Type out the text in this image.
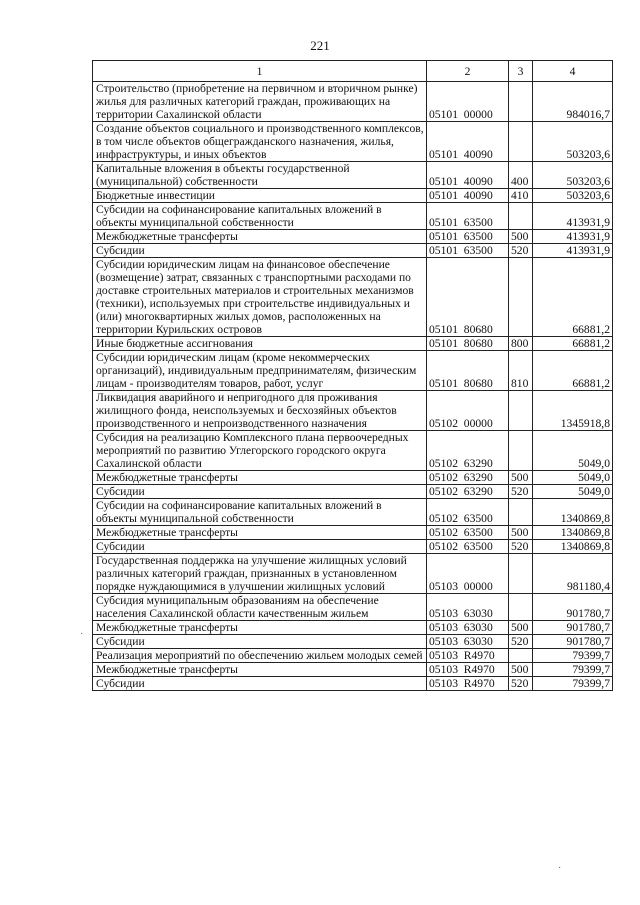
221
1	2	3	4
Строительство (приобретение на первичном и вторичном рынке) жилья для различных категорий граждан, проживающих на территории Сахалинской области	05101  00000		984016,7
Создание объектов социального и производственного комплексов, в том числе объектов общегражданского назначения, жилья, инфраструктуры, и иных объектов	05101  40090		503203,6
Капитальные вложения в объекты государственной (муниципальной) собственности	05101  40090	400	503203,6
Бюджетные инвестиции	05101  40090	410	503203,6
Субсидии на софинансирование капитальных вложений в объекты муниципальной собственности	05101  63500		413931,9
Межбюджетные трансферты	05101  63500	500	413931,9
Субсидии	05101  63500	520	413931,9
Субсидии юридическим лицам на финансовое обеспечение (возмещение) затрат, связанных с транспортными расходами по доставке строительных материалов и строительных механизмов (техники), используемых при строительстве индивидуальных и (или) многоквартирных жилых домов, расположенных на территории Курильских островов	05101  80680		66881,2
Иные бюджетные ассигнования	05101  80680	800	66881,2
Субсидии юридическим лицам (кроме некоммерческих организаций), индивидуальным предпринимателям, физическим лицам - производителям товаров, работ, услуг	05101  80680	810	66881,2
Ликвидация аварийного и непригодного для проживания жилищного фонда, неиспользуемых и бесхозяйных объектов производственного и непроизводственного назначения	05102  00000		1345918,8
Субсидия на реализацию Комплексного плана первоочередных мероприятий по развитию Углегорского городского округа Сахалинской области	05102  63290		5049,0
Межбюджетные трансферты	05102  63290	500	5049,0
Субсидии	05102  63290	520	5049,0
Субсидии на софинансирование капитальных вложений в объекты муниципальной собственности	05102  63500		1340869,8
Межбюджетные трансферты	05102  63500	500	1340869,8
Субсидии	05102  63500	520	1340869,8
Государственная поддержка на улучшение жилищных условий различных категорий граждан, признанных в установленном порядке нуждающимися в улучшении жилищных условий	05103  00000		981180,4
Субсидия муниципальным образованиям на обеспечение населения Сахалинской области качественным жильем	05103  63030		901780,7
Межбюджетные трансферты	05103  63030	500	901780,7
Субсидии	05103  63030	520	901780,7
Реализация мероприятий по обеспечению жильем молодых семей	05103  R4970		79399,7
Межбюджетные трансферты	05103  R4970	500	79399,7
Субсидии	05103  R4970	520	79399,7
·
·
